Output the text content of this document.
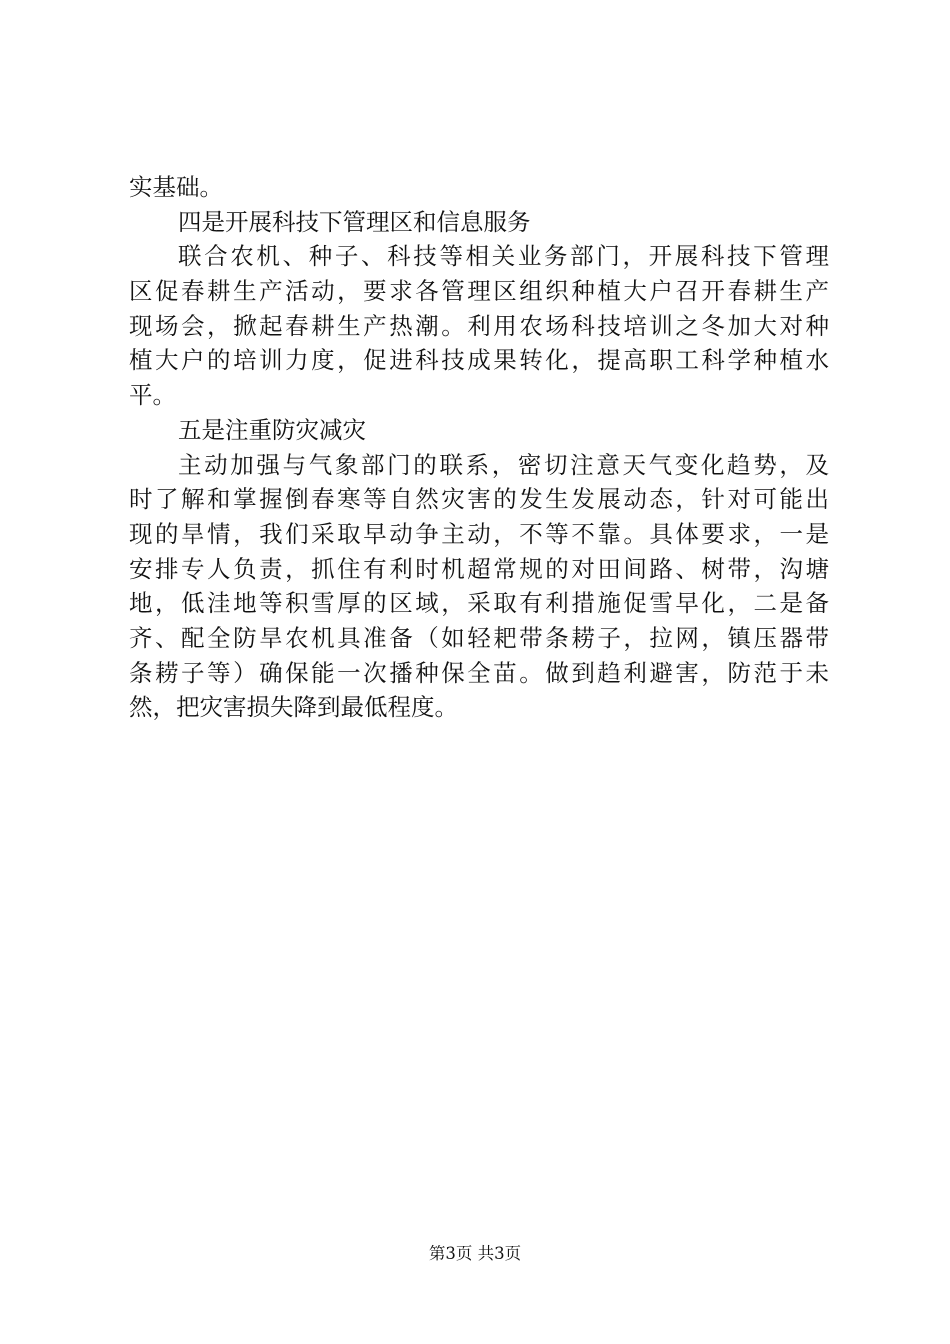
实基础。

四是开展科技下管理区和信息服务

联合农机、种子、科技等相关业务部门，开展科技下管理

区促春耕生产活动，要求各管理区组织种植大户召开春耕生产

现场会，掀起春耕生产热潮。利用农场科技培训之冬加大对种

植大户的培训力度，促进科技成果转化，提高职工科学种植水

平。

五是注重防灾减灾

主动加强与气象部门的联系，密切注意天气变化趋势，及

时了解和掌握倒春寒等自然灾害的发生发展动态，针对可能出

现的旱情，我们采取早动争主动，不等不靠。具体要求，一是

安排专人负责，抓住有利时机超常规的对田间路、树带，沟塘

地，低洼地等积雪厚的区域，采取有利措施促雪早化，二是备

齐、配全防旱农机具准备（如轻耙带条耢子，拉网，镇压器带

条耢子等）确保能一次播种保全苗。做到趋利避害，防范于未

然，把灾害损失降到最低程度。

第3页 共3页
